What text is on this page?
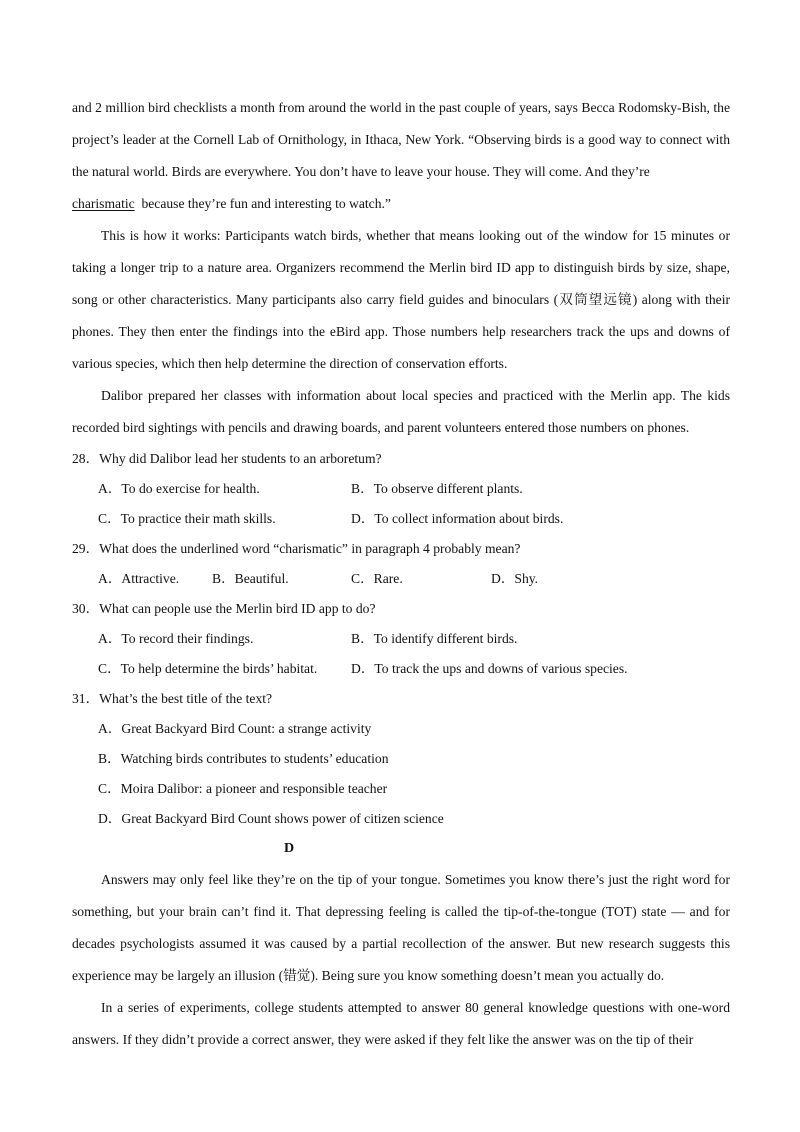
and 2 million bird checklists a month from around the world in the past couple of years, says Becca Rodomsky-Bish, the project’s leader at the Cornell Lab of Ornithology, in Ithaca, New York. “Observing birds is a good way to connect with the natural world. Birds are everywhere. You don’t have to leave your house. They will come. And they’re
charismatic  because they’re fun and interesting to watch.”

This is how it works: Participants watch birds, whether that means looking out of the window for 15 minutes or taking a longer trip to a nature area. Organizers recommend the Merlin bird ID app to distinguish birds by size, shape, song or other characteristics. Many participants also carry field guides and binoculars (双筒望远镜) along with their phones. They then enter the findings into the eBird app. Those numbers help researchers track the ups and downs of various species, which then help determine the direction of conservation efforts.

Dalibor prepared her classes with information about local species and practiced with the Merlin app. The kids recorded bird sightings with pencils and drawing boards, and parent volunteers entered those numbers on phones.

28．Why did Dalibor lead her students to an arboretum?
A．To do exercise for health.	B．To observe different plants.
C．To practice their math skills.	D．To collect information about birds.
29．What does the underlined word “charismatic” in paragraph 4 probably mean?
A．Attractive. B．Beautiful.	C．Rare.	D．Shy.
30．What can people use the Merlin bird ID app to do?
A．To record their findings.	B．To identify different birds.
C．To help determine the birds’ habitat. D．To track the ups and downs of various species.
31．What’s the best title of the text?
A．Great Backyard Bird Count: a strange activity
B．Watching birds contributes to students’ education
C．Moira Dalibor: a pioneer and responsible teacher
D．Great Backyard Bird Count shows power of citizen science
D

Answers may only feel like they’re on the tip of your tongue. Sometimes you know there’s just the right word for something, but your brain can’t find it. That depressing feeling is called the tip-of-the-tongue (TOT) state — and for decades psychologists assumed it was caused by a partial recollection of the answer. But new research suggests this experience may be largely an illusion (错觉). Being sure you know something doesn’t mean you actually do.

In a series of experiments, college students attempted to answer 80 general knowledge questions with one-word answers. If they didn’t provide a correct answer, they were asked if they felt like the answer was on the tip of their
